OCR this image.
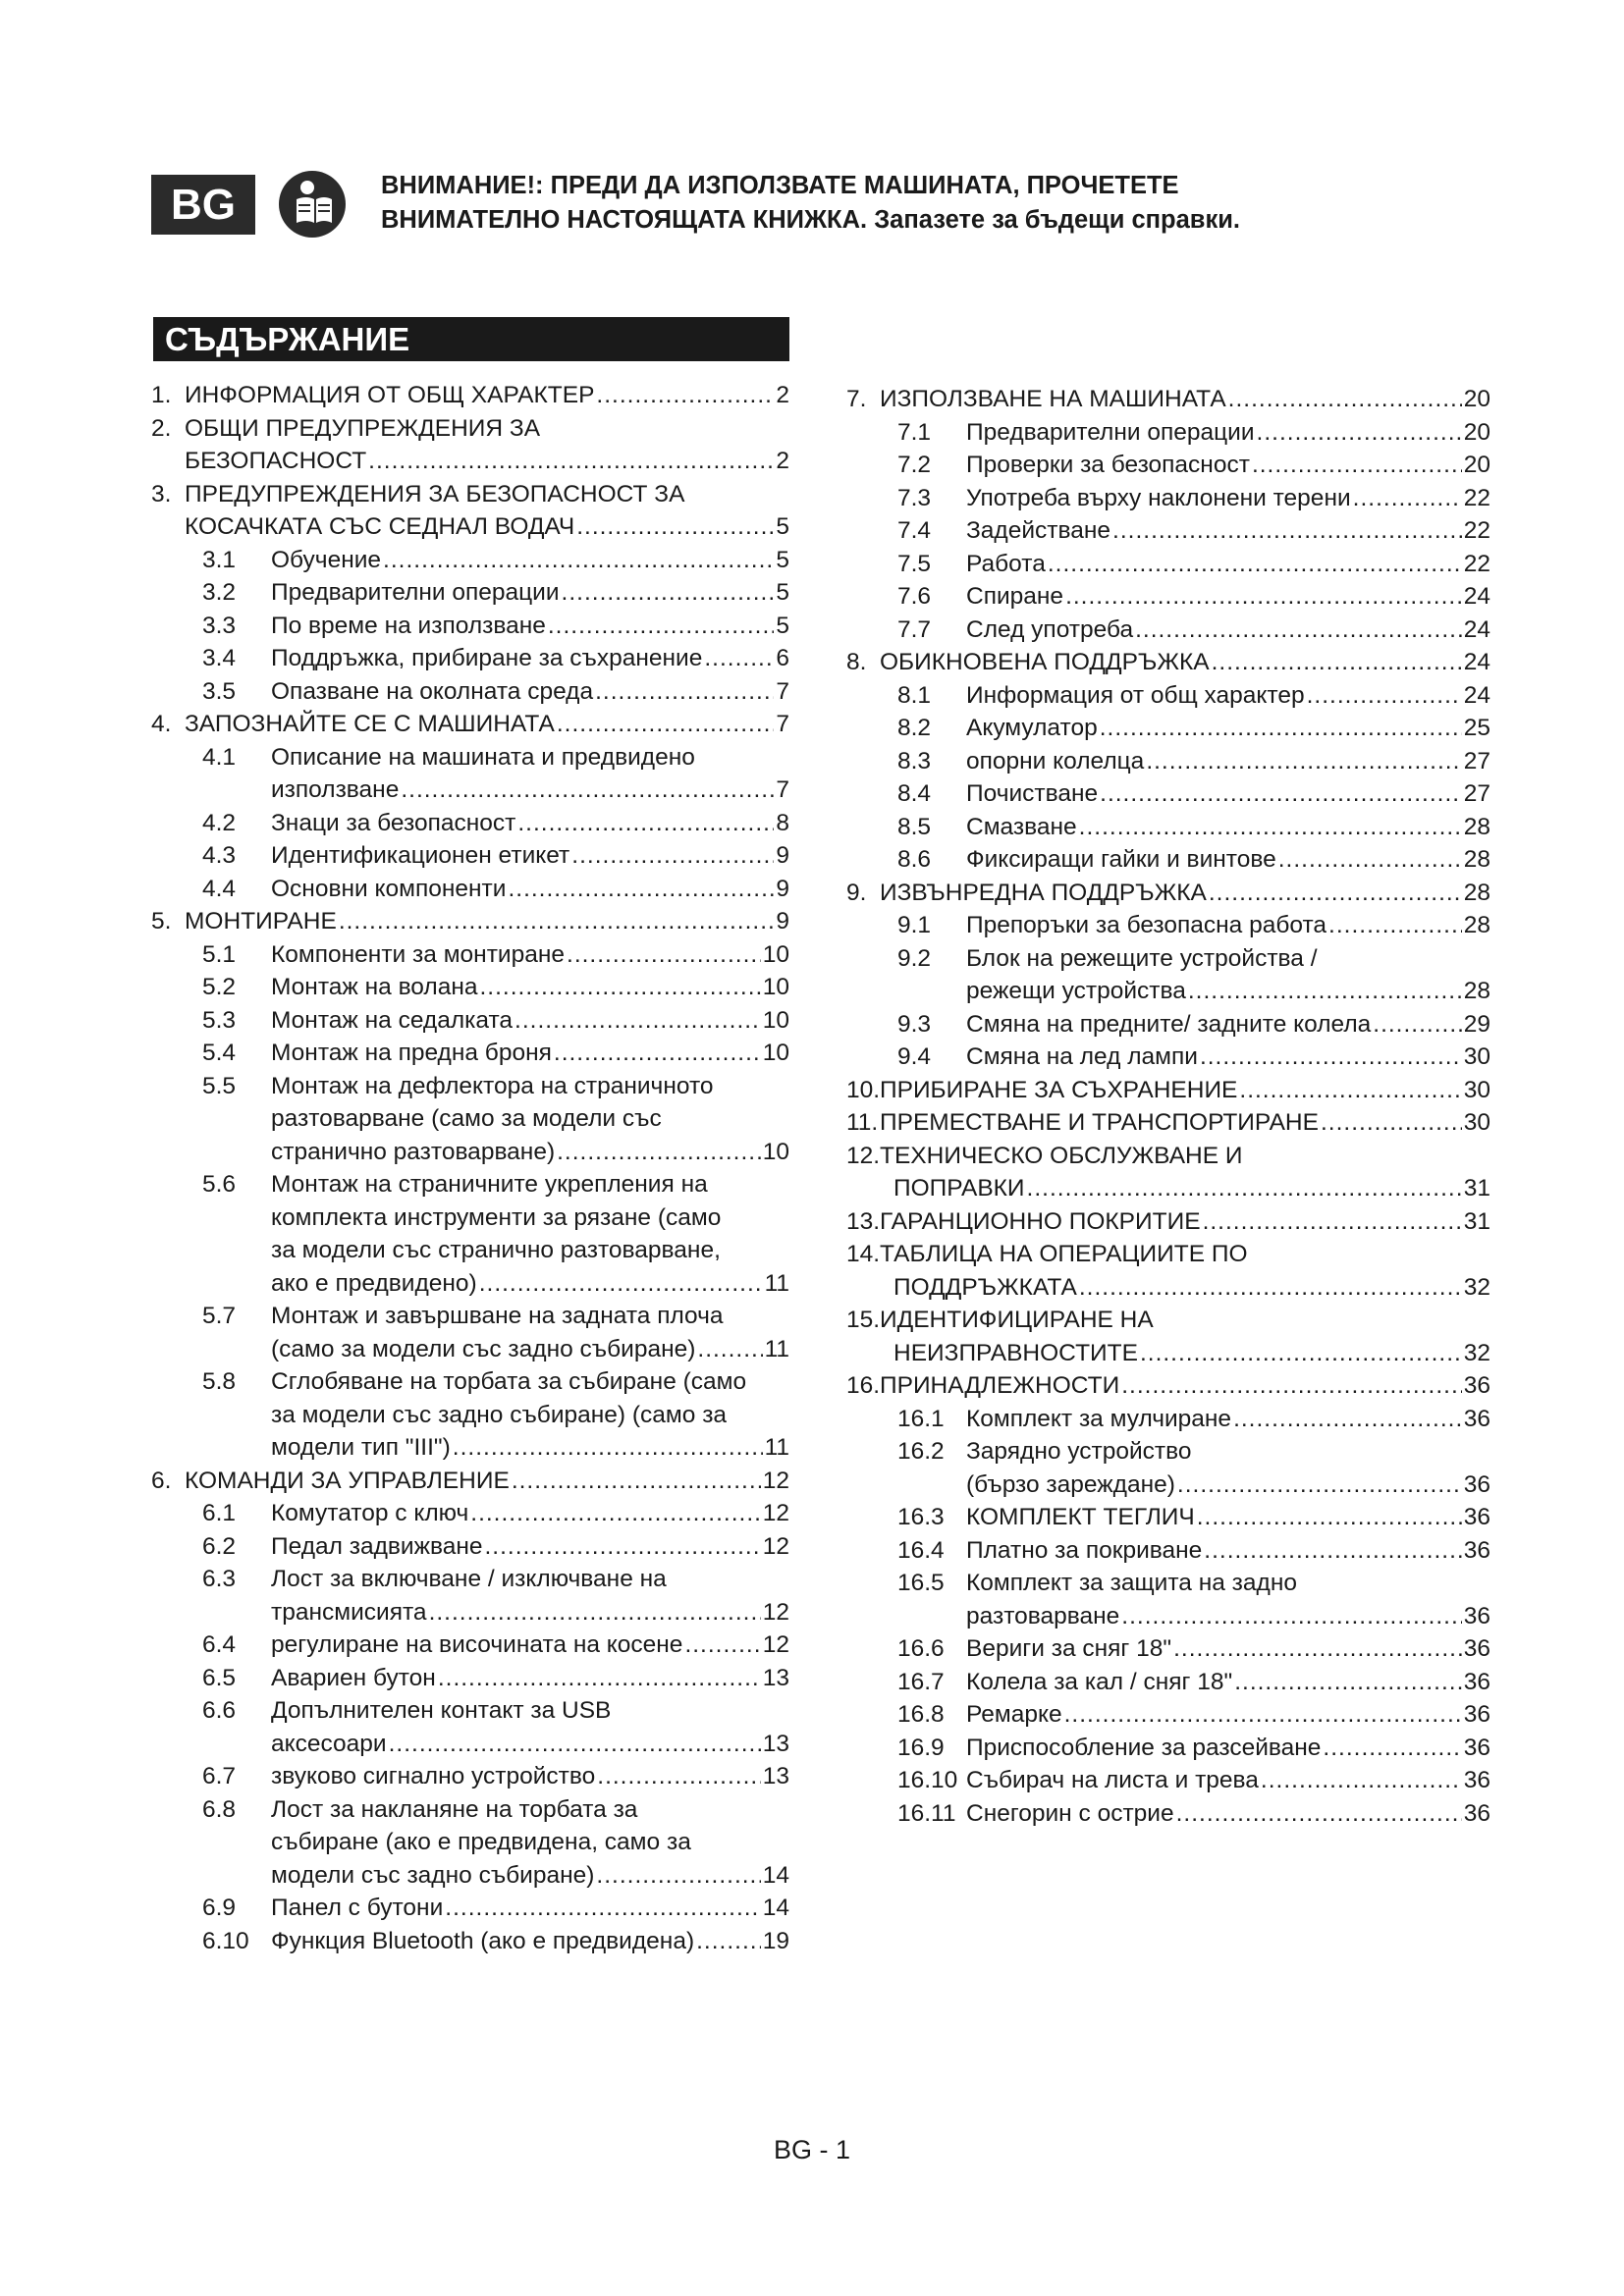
BG	ВНИМАНИЕ!: ПРЕДИ ДА ИЗПОЛЗВАТЕ МАШИНАТА, ПРОЧЕТЕТЕ
ВНИМАТЕЛНО НАСТОЯЩАТА КНИЖКА. Запазете за бъдещи справки.
СЪДЪРЖАНИЕ
1. ИНФОРМАЦИЯ ОТ ОБЩ ХАРАКТЕР .....	2
2. ОБЩИ ПРЕДУПРЕЖДЕНИЯ ЗА
БЕЗОПАСНОСТ .....	2
3. ПРЕДУПРЕЖДЕНИЯ ЗА БЕЗОПАСНОСТ ЗА
КОСАЧКАТА СЪС СЕДНАЛ ВОДАЧ .....	5
3.1	Обучение .....	5
3.2	Предварителни операции .....	5
3.3	По време на използване .....	5
3.4	Поддръжка, прибиране за съхранение .....	6
3.5	Опазване на околната среда .....	7
4. ЗАПОЗНАЙТЕ СЕ С МАШИНАТА .....	7
4.1	Описание на машината и предвидено
използване .....	7
4.2	Знаци за безопасност .....	8
4.3	Идентификационен етикет .....	9
4.4	Основни компоненти .....	9
5. МОНТИРАНЕ .....	9
5.1	Компоненти за монтиране .....	10
5.2	Монтаж на волана .....	10
5.3	Монтаж на седалката .....	10
5.4	Монтаж на предна броня .....	10
5.5	Монтаж на дефлектора на страничното
разтоварване (само за модели със
странично разтоварване) .....	10
5.6	Монтаж на страничните укрепления на
комплекта инструменти за рязане (само
за модели със странично разтоварване,
ако е предвидено) .....	11
5.7	Монтаж и завършване на задната плоча
(само за модели със задно събиране) .....	11
5.8	Сглобяване на торбата за събиране (само
за модели със задно събиране) (само за
модели тип "III") .....	11
6. КОМАНДИ ЗА УПРАВЛЕНИЕ .....	12
6.1	Комутатор с ключ .....	12
6.2	Педал задвижване .....	12
6.3	Лост за включване / изключване на
трансмисията .....	12
6.4	регулиране на височината на косене .....	12
6.5	Авариен бутон .....	13
6.6	Допълнителен контакт за USB
аксесоари .....	13
6.7	звуково сигнално устройство .....	13
6.8	Лост за накланяне на торбата за
събиране (ако е предвидена, само за
модели със задно събиране) .....	14
6.9	Панел с бутони .....	14
6.10 Функция Bluetooth (ако е предвидена) .....	19
7. ИЗПОЛЗВАНЕ НА МАШИНАТА .....	20
7.1	Предварителни операции .....	20
7.2	Проверки за безопасност .....	20
7.3	Употреба върху наклонени терени .....	22
7.4	Задействане .....	22
7.5	Работа .....	22
7.6	Спиране .....	24
7.7	След употреба .....	24
8. ОБИКНОВЕНА ПОДДРЪЖКА .....	24
8.1	Информация от общ характер .....	24
8.2	Акумулатор .....	25
8.3	опорни колелца .....	27
8.4	Почистване .....	27
8.5	Смазване .....	28
8.6	Фиксиращи гайки и винтове .....	28
9. ИЗВЪНРЕДНА ПОДДРЪЖКА .....	28
9.1	Препоръки за безопасна работа .....	28
9.2	Блок на режещите устройства /
режещи устройства .....	28
9.3	Смяна на предните/ задните колела .....	29
9.4	Смяна на лед лампи .....	30
10. ПРИБИРАНЕ ЗА СЪХРАНЕНИЕ .....	30
11. ПРЕМЕСТВАНЕ И ТРАНСПОРТИРАНЕ .....	30
12. ТЕХНИЧЕСКО ОБСЛУЖВАНЕ И
ПОПРАВКИ .....	31
13. ГАРАНЦИОННО ПОКРИТИЕ .....	31
14. ТАБЛИЦА НА ОПЕРАЦИИТЕ ПО
ПОДДРЪЖКАТА .....	32
15. ИДЕНТИФИЦИРАНЕ НА
НЕИЗПРАВНОСТИТЕ .....	32
16. ПРИНАДЛЕЖНОСТИ .....	36
16.1 Комплект за мулчиране .....	36
16.2 Зарядно устройство
(бързо зареждане) .....	36
16.3 КОМПЛЕКТ ТЕГЛИЧ .....	36
16.4 Платно за покриване .....	36
16.5 Комплект за защита на задно
разтоварване .....	36
16.6 Вериги за сняг 18" .....	36
16.7 Колела за кал / сняг 18" .....	36
16.8 Ремарке .....	36
16.9 Приспособление за разсейване .....	36
16.10 Събирач на листа и трева .....	36
16.11 Снегорин с острие .....	36
BG - 1
